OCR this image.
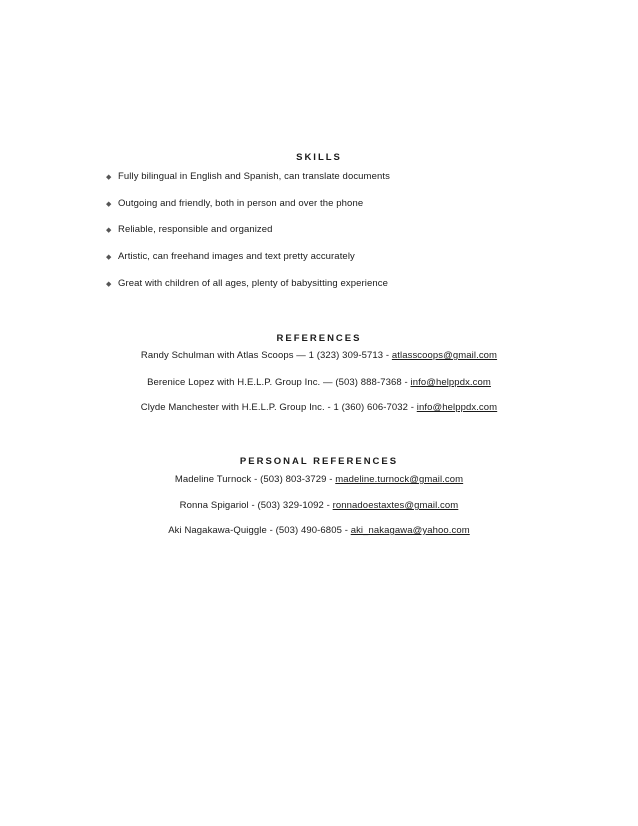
SKILLS
◆ Fully bilingual in English and Spanish, can translate documents
◆ Outgoing and friendly, both in person and over the phone
◆ Reliable, responsible and organized
◆ Artistic, can freehand images and text pretty accurately
◆ Great with children of all ages, plenty of babysitting experience
REFERENCES
Randy Schulman with Atlas Scoops — 1 (323) 309-5713 - atlasscoops@gmail.com
Berenice Lopez with H.E.L.P. Group Inc. — (503) 888-7368 - info@helppdx.com
Clyde Manchester with H.E.L.P. Group Inc. - 1 (360) 606-7032 - info@helppdx.com
PERSONAL REFERENCES
Madeline Turnock - (503) 803-3729 - madeline.turnock@gmail.com
Ronna Spigariol - (503) 329-1092 - ronnadoestaxtes@gmail.com
Aki Nagakawa-Quiggle - (503) 490-6805 - aki_nakagawa@yahoo.com
